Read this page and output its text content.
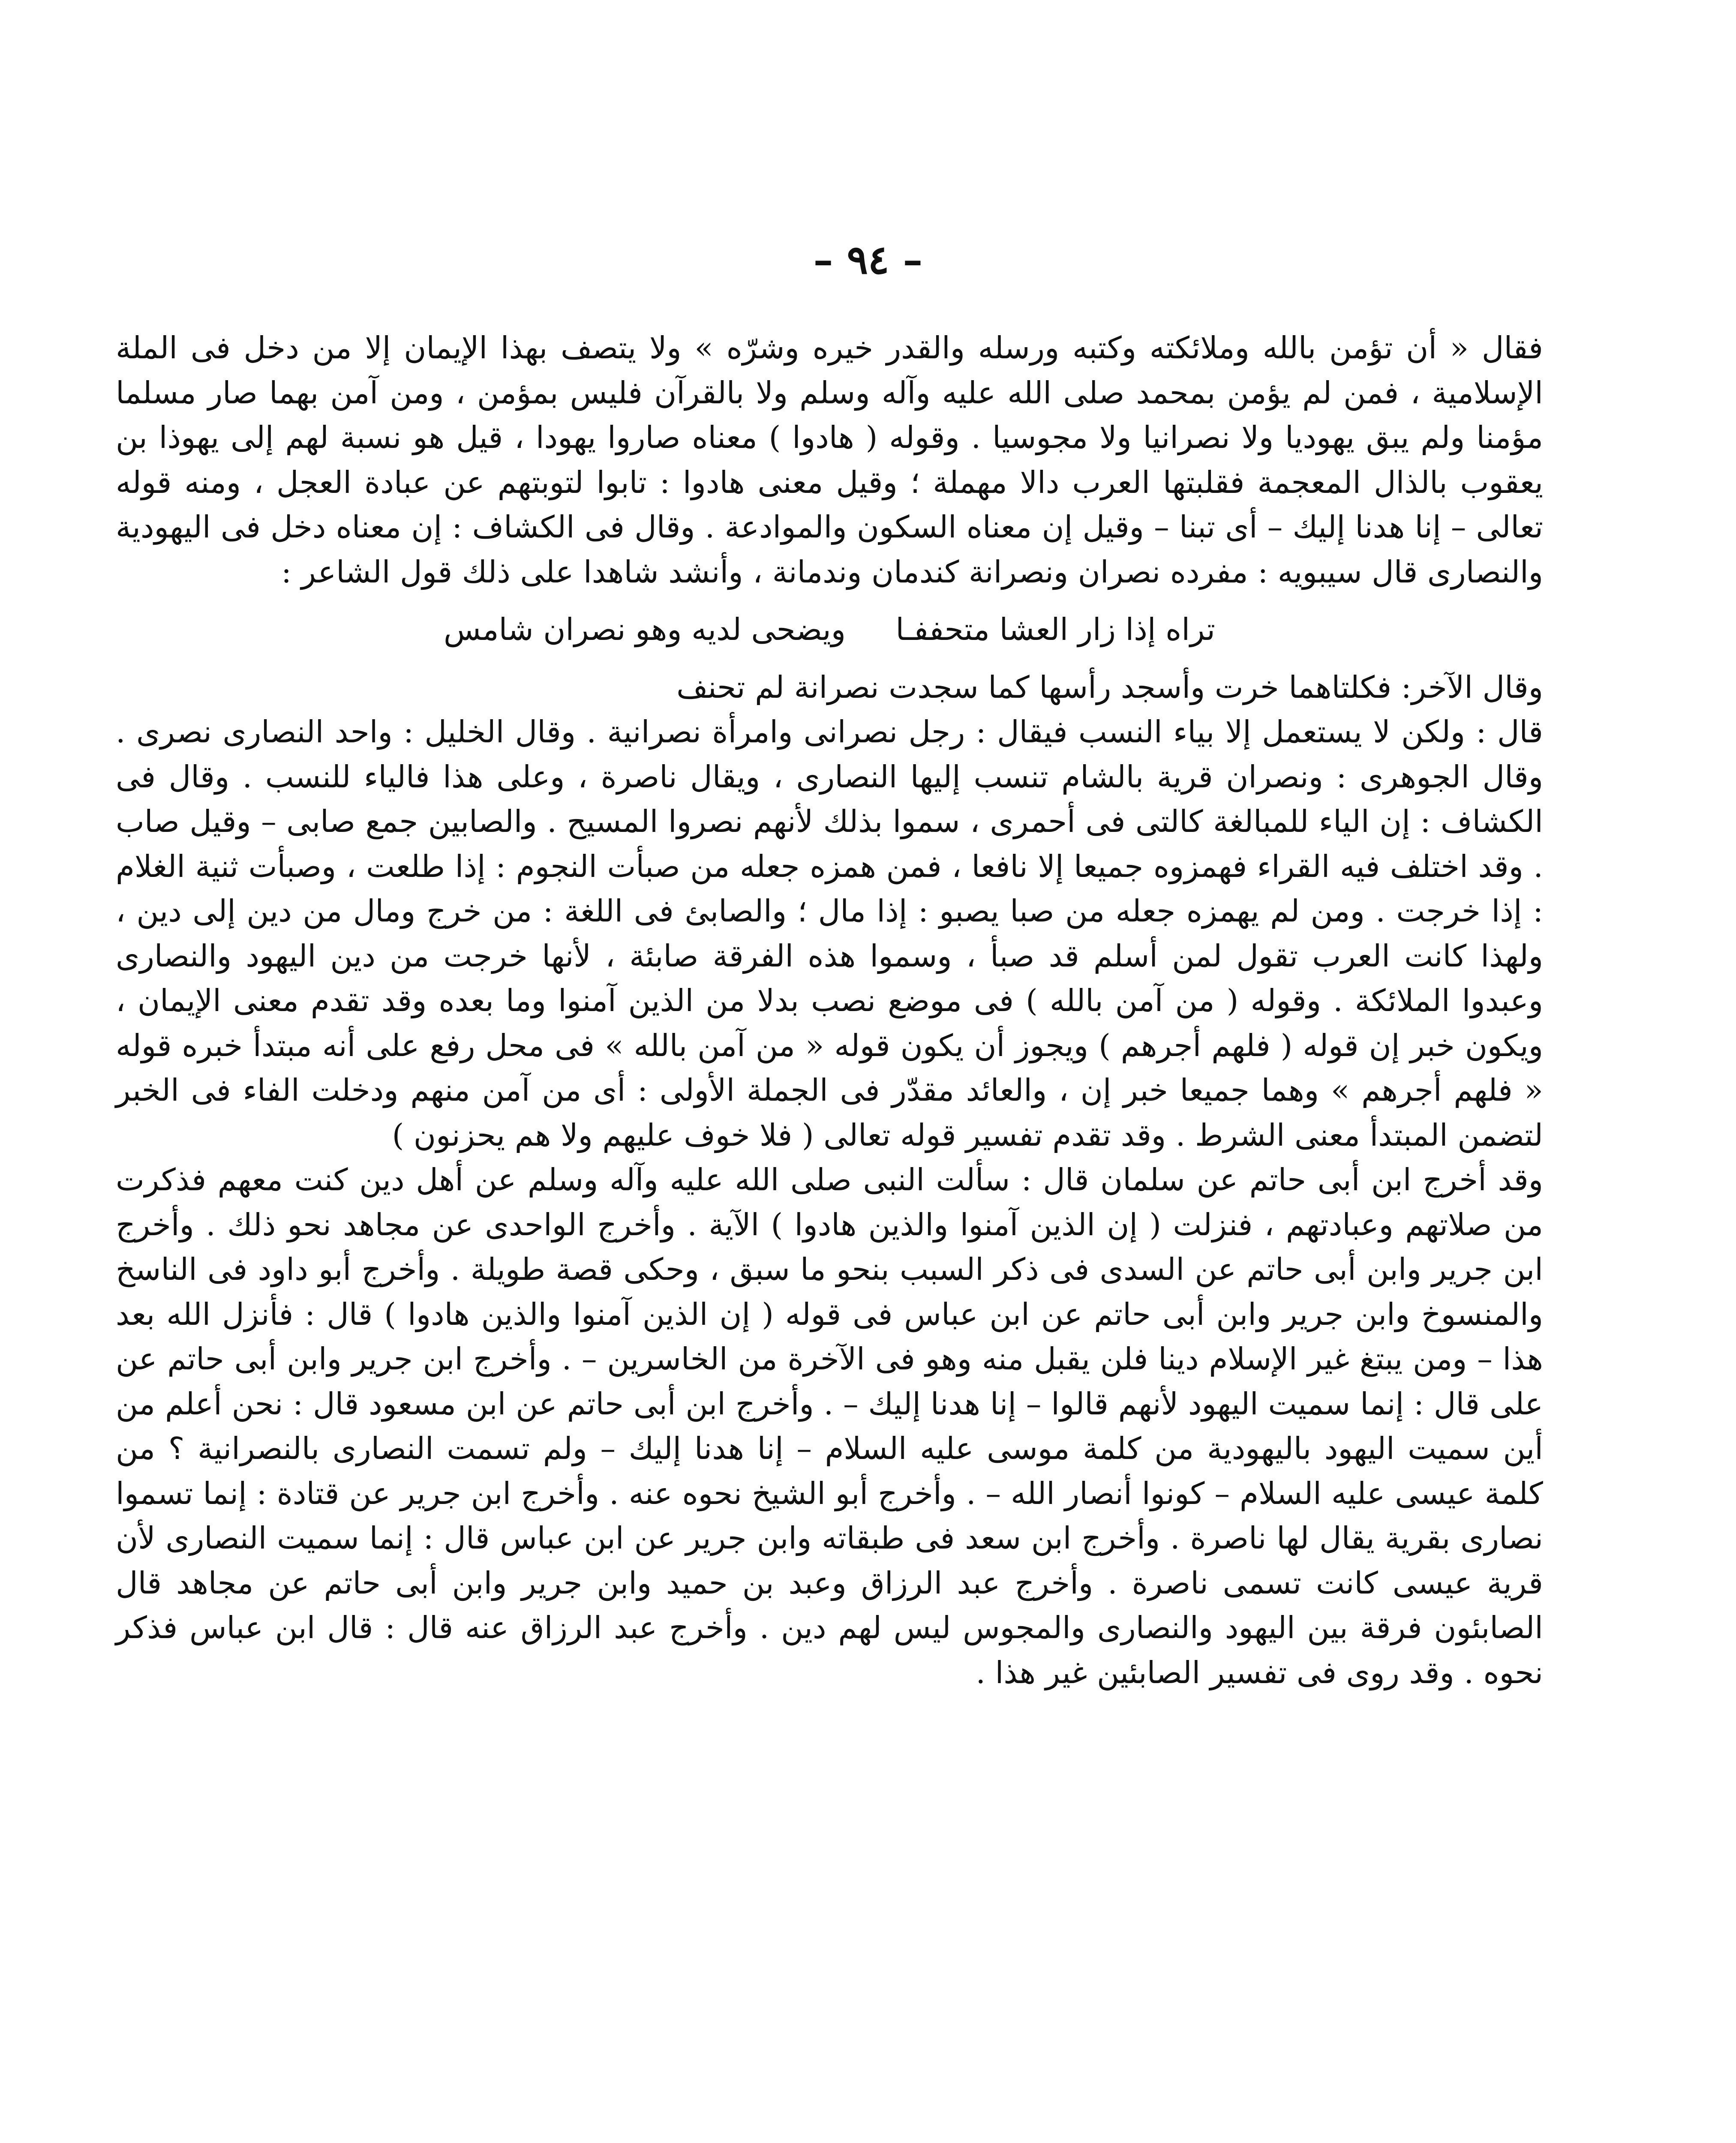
– ٩٤ –

فقال « أن تؤمن بالله وملائكته وكتبه ورسله والقدر خيره وشرّه » ولا يتصف بهذا الإيمان إلا من دخل فى الملة الإسلامية ، فمن لم يؤمن بمحمد صلى الله عليه وآله وسلم ولا بالقرآن فليس بمؤمن ، ومن آمن بهما صار مسلما مؤمنا ولم يبق يهوديا ولا نصرانيا ولا مجوسيا . وقوله ( هادوا ) معناه صاروا يهودا ، قيل هو نسبة لهم إلى يهوذا بن يعقوب بالذال المعجمة فقلبتها العرب دالا مهملة ؛ وقيل معنى هادوا : تابوا لتوبتهم عن عبادة العجل ، ومنه قوله تعالى – إنا هدنا إليك – أى تبنا – وقيل إن معناه السكون والموادعة . وقال فى الكشاف : إن معناه دخل فى اليهودية والنصارى قال سيبويه : مفرده نصران ونصرانة كندمان وندمانة ، وأنشد شاهدا على ذلك قول الشاعر :

تراه إذا زار العشا متحففـا
ويضحى لديه وهو نصران شامس

وقال الآخر: فكلتاهما خرت وأسجد رأسها كما سجدت نصرانة لم تحنف

قال : ولكن لا يستعمل إلا بياء النسب فيقال : رجل نصرانى وامرأة نصرانية . وقال الخليل : واحد النصارى نصرى . وقال الجوهرى : ونصران قرية بالشام تنسب إليها النصارى ، ويقال ناصرة ، وعلى هذا فالياء للنسب . وقال فى الكشاف : إن الياء للمبالغة كالتى فى أحمرى ، سموا بذلك لأنهم نصروا المسيح . والصابين جمع صابى – وقيل صاب . وقد اختلف فيه القراء فهمزوه جميعا إلا نافعا ، فمن همزه جعله من صبأت النجوم : إذا طلعت ، وصبأت ثنية الغلام : إذا خرجت . ومن لم يهمزه جعله من صبا يصبو : إذا مال ؛ والصابئ فى اللغة : من خرج ومال من دين إلى دين ، ولهذا كانت العرب تقول لمن أسلم قد صبأ ، وسموا هذه الفرقة صابئة ، لأنها خرجت من دين اليهود والنصارى وعبدوا الملائكة . وقوله ( من آمن بالله ) فى موضع نصب بدلا من الذين آمنوا وما بعده وقد تقدم معنى الإيمان ، ويكون خبر إن قوله ( فلهم أجرهم ) ويجوز أن يكون قوله « من آمن بالله » فى محل رفع على أنه مبتدأ خبره قوله « فلهم أجرهم » وهما جميعا خبر إن ، والعائد مقدّر فى الجملة الأولى : أى من آمن منهم ودخلت الفاء فى الخبر لتضمن المبتدأ معنى الشرط . وقد تقدم تفسير قوله تعالى ( فلا خوف عليهم ولا هم يحزنون )

وقد أخرج ابن أبى حاتم عن سلمان قال : سألت النبى صلى الله عليه وآله وسلم عن أهل دين كنت معهم فذكرت من صلاتهم وعبادتهم ، فنزلت ( إن الذين آمنوا والذين هادوا ) الآية . وأخرج الواحدى عن مجاهد نحو ذلك . وأخرج ابن جرير وابن أبى حاتم عن السدى فى ذكر السبب بنحو ما سبق ، وحكى قصة طويلة . وأخرج أبو داود فى الناسخ والمنسوخ وابن جرير وابن أبى حاتم عن ابن عباس فى قوله ( إن الذين آمنوا والذين هادوا ) قال : فأنزل الله بعد هذا – ومن يبتغ غير الإسلام دينا فلن يقبل منه وهو فى الآخرة من الخاسرين – . وأخرج ابن جرير وابن أبى حاتم عن على قال : إنما سميت اليهود لأنهم قالوا – إنا هدنا إليك – . وأخرج ابن أبى حاتم عن ابن مسعود قال : نحن أعلم من أين سميت اليهود باليهودية من كلمة موسى عليه السلام – إنا هدنا إليك – ولم تسمت النصارى بالنصرانية ؟ من كلمة عيسى عليه السلام – كونوا أنصار الله – . وأخرج أبو الشيخ نحوه عنه . وأخرج ابن جرير عن قتادة : إنما تسموا نصارى بقرية يقال لها ناصرة . وأخرج ابن سعد فى طبقاته وابن جرير عن ابن عباس قال : إنما سميت النصارى لأن قرية عيسى كانت تسمى ناصرة . وأخرج عبد الرزاق وعبد بن حميد وابن جرير وابن أبى حاتم عن مجاهد قال الصابئون فرقة بين اليهود والنصارى والمجوس ليس لهم دين . وأخرج عبد الرزاق عنه قال : قال ابن عباس فذكر نحوه . وقد روى فى تفسير الصابئين غير هذا .
